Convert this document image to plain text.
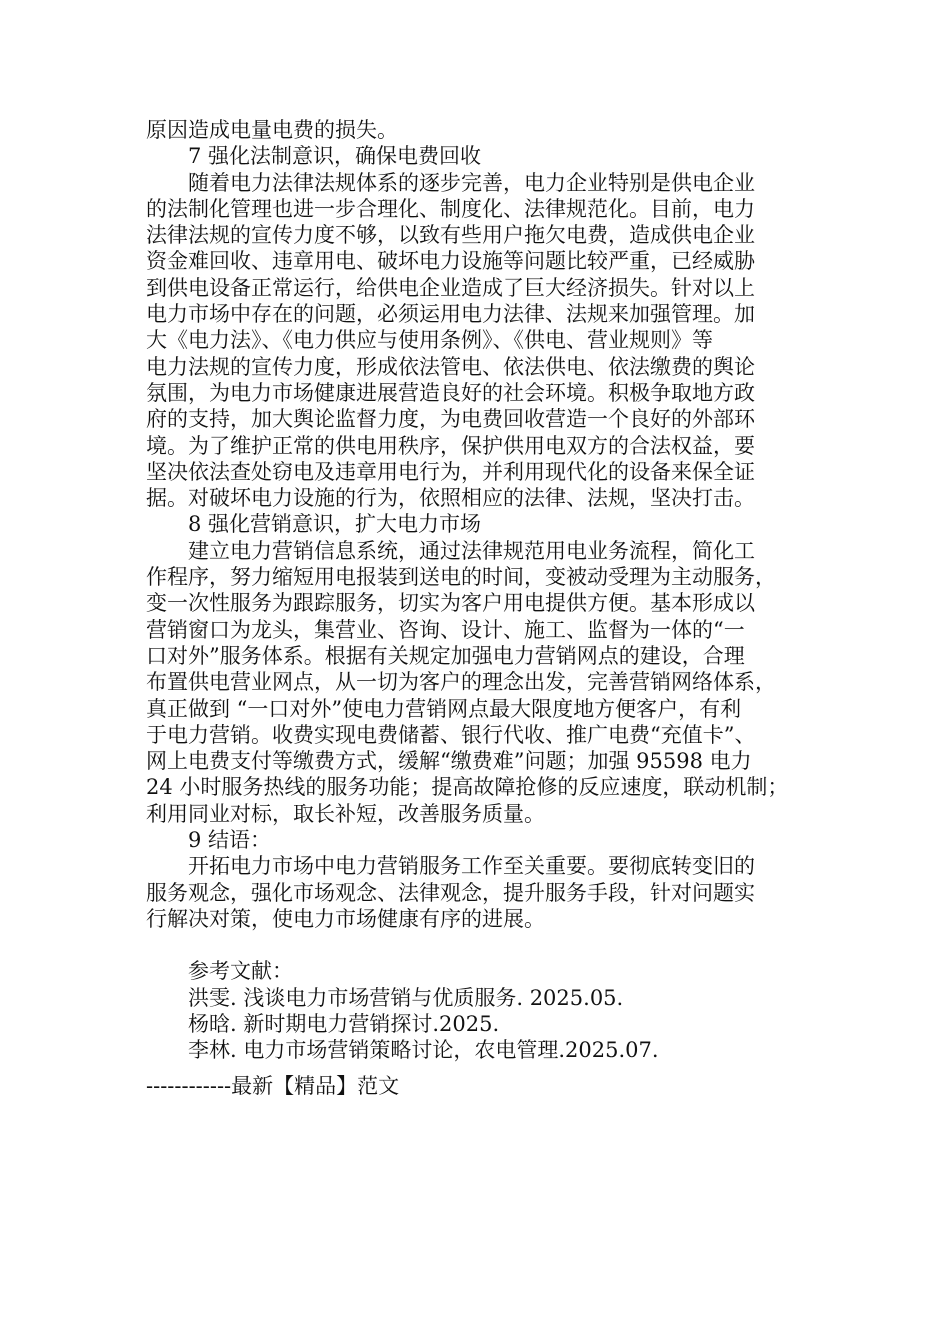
原因造成电量电费的损失。
7 强化法制意识，确保电费回收
随着电力法律法规体系的逐步完善，电力企业特别是供电企业
的法制化管理也进一步合理化、制度化、法律规范化。目前，电力
法律法规的宣传力度不够，以致有些用户拖欠电费，造成供电企业
资金难回收、违章用电、破坏电力设施等问题比较严重，已经威胁
到供电设备正常运行，给供电企业造成了巨大经济损失。针对以上
电力市场中存在的问题，必须运用电力法律、法规来加强管理。加
大《电力法》、《电力供应与使用条例》、《供电、营业规则》等
电力法规的宣传力度，形成依法管电、依法供电、依法缴费的舆论
氛围，为电力市场健康进展营造良好的社会环境。积极争取地方政
府的支持，加大舆论监督力度，为电费回收营造一个良好的外部环
境。为了维护正常的供电用秩序，保护供用电双方的合法权益，要
坚决依法查处窃电及违章用电行为，并利用现代化的设备来保全证
据。对破坏电力设施的行为，依照相应的法律、法规，坚决打击。
8 强化营销意识，扩大电力市场
建立电力营销信息系统，通过法律规范用电业务流程，简化工
作程序，努力缩短用电报装到送电的时间，变被动受理为主动服务，
变一次性服务为跟踪服务，切实为客户用电提供方便。基本形成以
营销窗口为龙头，集营业、咨询、设计、施工、监督为一体的“一
口对外”服务体系。根据有关规定加强电力营销网点的建设，合理
布置供电营业网点，从一切为客户的理念出发，完善营销网络体系，
真正做到 “一口对外”使电力营销网点最大限度地方便客户，有利
于电力营销。收费实现电费储蓄、银行代收、推广电费“充值卡”、
网上电费支付等缴费方式，缓解“缴费难”问题；加强 95598 电力
24 小时服务热线的服务功能；提高故障抢修的反应速度，联动机制；
利用同业对标，取长补短，改善服务质量。
9 结语：
开拓电力市场中电力营销服务工作至关重要。要彻底转变旧的
服务观念，强化市场观念、法律观念，提升服务手段，针对问题实
行解决对策，使电力市场健康有序的进展。
参考文献：
洪雯. 浅谈电力市场营销与优质服务. 2025.05.
杨晗. 新时期电力营销探讨.2025.
李林. 电力市场营销策略讨论，农电管理.2025.07.
------------最新【精品】范文
